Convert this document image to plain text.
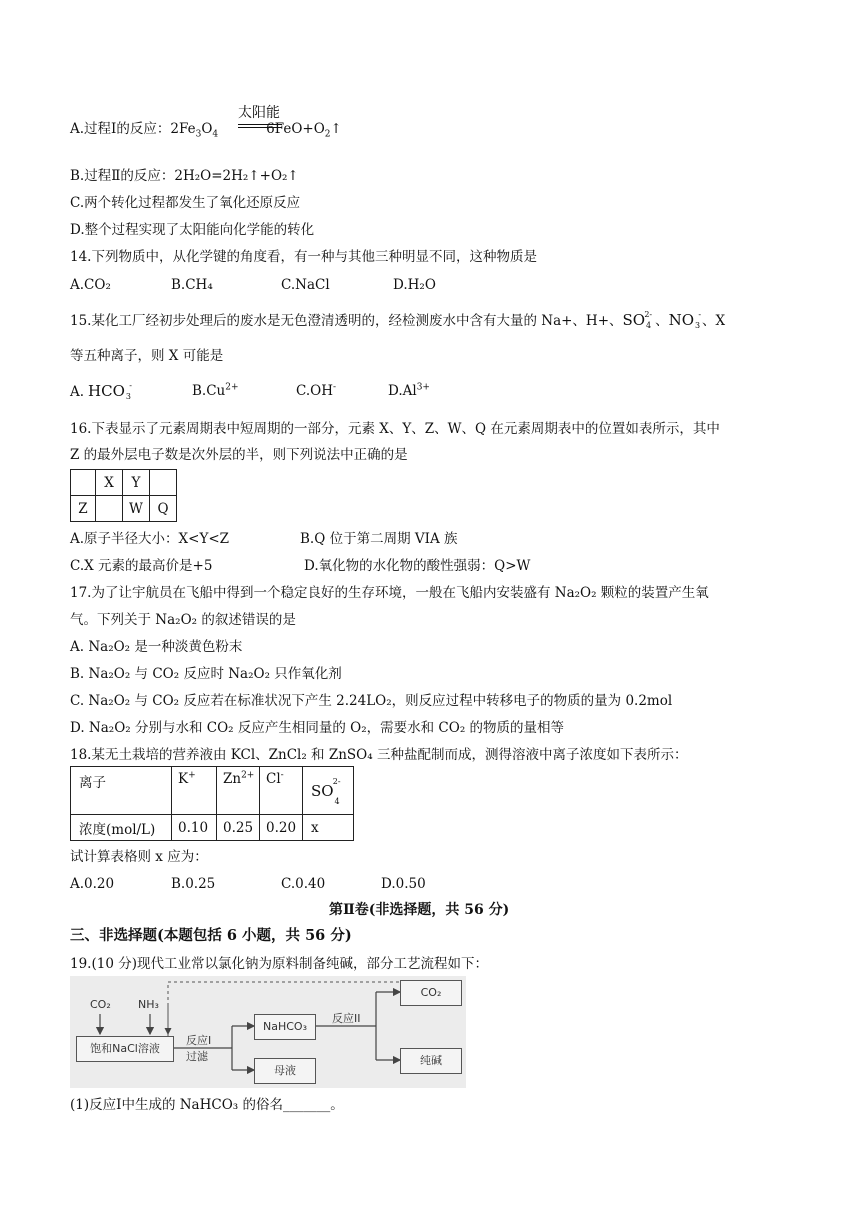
太阳能
A.过程Ⅰ的反应：$2Fe_3O_4$	$6FeO+O_2↑$
B.过程Ⅱ的反应：2H₂O=2H₂↑+O₂↑
C.两个转化过程都发生了氧化还原反应
D.整个过程实现了太阳能向化学能的转化
14.下列物质中，从化学键的角度看，有一种与其他三种明显不同，这种物质是
A.CO₂	B.CH₄	C.NaCl	D.H₂O
15.某化工厂经初步处理后的废水是无色澄清透明的，经检测废水中含有大量的 Na+、H+、SO 2-
4 、NO -
3 、X
等五种离子，则 X 可能是
A. HCO -
3	$B.Cu^{2+}$	C.OH-	$D.Al^{3+}$
16.下表显示了元素周期表中短周期的一部分，元素 X、Y、Z、W、Q 在元素周期表中的位置如表所示，其中
Z 的最外层电子数是次外层的半，则下列说法中正确的是
	X	Y	
Z		W	Q
A.原子半径大小：X<Y<Z	B.Q 位于第二周期 VIA 族
C.X 元素的最高价是+5	D.氧化物的水化物的酸性强弱：Q>W
17.为了让宇航员在飞船中得到一个稳定良好的生存环境，一般在飞船内安装盛有 Na₂O₂ 颗粒的装置产生氧
气。下列关于 Na₂O₂ 的叙述错误的是
A. Na₂O₂ 是一种淡黄色粉末
B. Na₂O₂ 与 CO₂ 反应时 Na₂O₂ 只作氧化剂
C. Na₂O₂ 与 CO₂ 反应若在标准状况下产生 2.24LO₂，则反应过程中转移电子的物质的量为 0.2mol
D. Na₂O₂ 分别与水和 CO₂ 反应产生相同量的 O₂，需要水和 CO₂ 的物质的量相等
18.某无土栽培的营养液由 KCl、ZnCl₂ 和 ZnSO₄ 三种盐配制而成，测得溶液中离子浓度如下表所示：
离子	K+	$Zn^{2+}$	Cl-	SO
2-
4

浓度(mol/L)	0.10	0.25	0.20	x
试计算表格则 x 应为：
A.0.20	B.0.25	C.0.40	D.0.50
第Ⅱ卷(非选择题，共 56 分)
三、非选择题(本题包括 6 小题，共 56 分)
19.(10 分)现代工业常以氯化钠为原料制备纯碱，部分工艺流程如下：
CO₂ NH₃
饱和NaCl溶液
反应I
过滤
NaHCO₃
母液
反应II
CO₂
纯碱
(1)反应Ⅰ中生成的 NaHCO₃ 的俗名_______。
